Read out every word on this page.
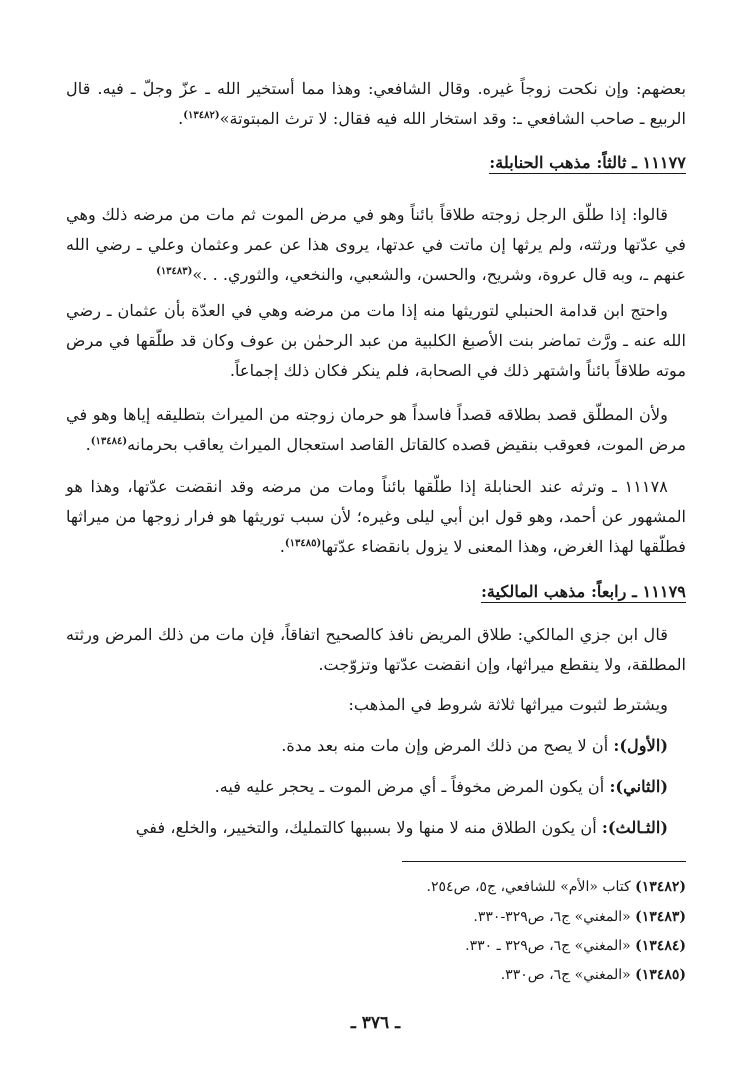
بعضهم: وإن نكحت زوجاً غيره. وقال الشافعي: وهذا مما أستخير الله ـ عزّ وجلّ ـ فيه. قال الربيع ـ صاحب الشافعي ـ: وقد استخار الله فيه فقال: لا ترث المبتوتة»$^{(١٣٤٨٢)}$.

١١١٧٧ ـ ثالثاً: مذهب الحنابلة:

قالوا: إذا طلّق الرجل زوجته طلاقاً بائناً وهو في مرض الموت ثم مات من مرضه ذلك وهي في عدّتها ورثته، ولم يرثها إن ماتت في عدتها، يروى هذا عن عمر وعثمان وعلي ـ رضي الله عنهم ـ، وبه قال عروة، وشريح، والحسن، والشعبي، والنخعي، والثوري. . .»$^{(١٣٤٨٣)}$

واحتج ابن قدامة الحنبلي لتوريثها منه إذا مات من مرضه وهي في العدّة بأن عثمان ـ رضي الله عنه ـ ورَّث تماضر بنت الأصبغ الكلبية من عبد الرحمٰن بن عوف وكان قد طلّقها في مرض موته طلاقاً بائناً واشتهر ذلك في الصحابة، فلم ينكر فكان ذلك إجماعاً.

ولأن المطلّق قصد بطلاقه قصداً فاسداً هو حرمان زوجته من الميراث بتطليقه إياها وهو في مرض الموت، فعوقب بنقيض قصده كالقاتل القاصد استعجال الميراث يعاقب بحرمانه$^{(١٣٤٨٤)}$.

١١١٧٨ ـ وترثه عند الحنابلة إذا طلّقها بائناً ومات من مرضه وقد انقضت عدّتها، وهذا هو المشهور عن أحمد، وهو قول ابن أبي ليلى وغيره؛ لأن سبب توريثها هو فرار زوجها من ميراثها فطلّقها لهذا الغرض، وهذا المعنى لا يزول بانقضاء عدّتها$^{(١٣٤٨٥)}$.

١١١٧٩ ـ رابعاً: مذهب المالكية:

قال ابن جزي المالكي: طلاق المريض نافذ كالصحيح اتفاقاً، فإن مات من ذلك المرض ورثته المطلقة، ولا ينقطع ميراثها، وإن انقضت عدّتها وتزوّجت.

ويشترط لثبوت ميراثها ثلاثة شروط في المذهب:

(الأول): أن لا يصح من ذلك المرض وإن مات منه بعد مدة.

(الثاني): أن يكون المرض مخوفاً ـ أي مرض الموت ـ يحجر عليه فيه.

(الثـالث): أن يكون الطلاق منه لا منها ولا بسببها كالتمليك، والتخيير، والخلع، ففي

(١٣٤٨٢) كتاب «الأم» للشافعي، ج٥، ص٢٥٤.

(١٣٤٨٣) «المغني» ج٦، ص٣٢٩-٣٣٠.

(١٣٤٨٤) «المغني» ج٦، ص٣٢٩ ـ ٣٣٠.

(١٣٤٨٥) «المغني» ج٦، ص٣٣٠.

ـ ٣٧٦ ـ
